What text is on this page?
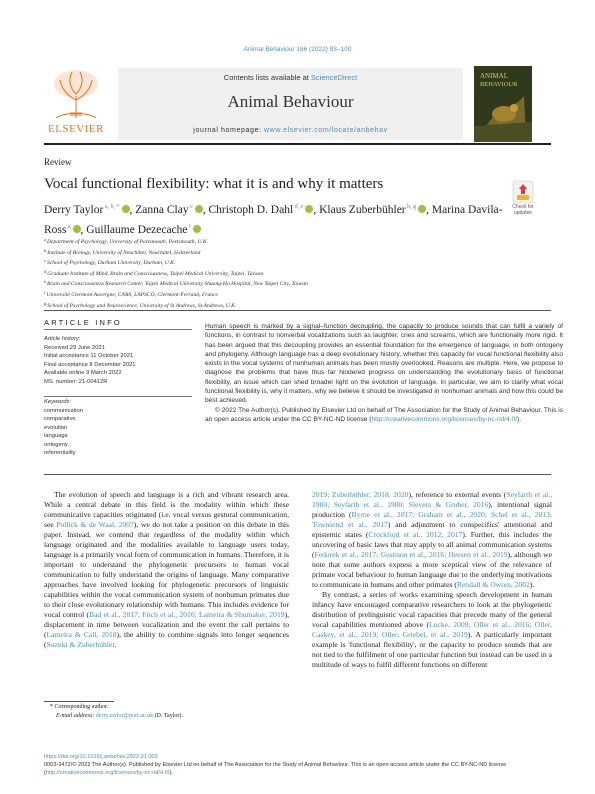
Animal Behaviour 186 (2022) 93–100
ELSEVIER
Contents lists available at ScienceDirect
Animal Behaviour
journal homepage: www.elsevier.com/locate/anbehav
ANIMAL
BEHAVIOUR
Review
Vocal functional flexibility: what it is and why it matters
Check for updates
Derry Taylor $^{a, b, *}$ , Zanna Clay $^c$ , Christoph D. Dahl $^{d, e}$ , Klaus Zuberbühler $^{b, g}$ , Marina Davila-Ross $^a$ , Guillaume Dezecache $^f$
$^a$Department of Psychology, University of Portsmouth, Portsmouth, U.K.
$^b$Institute of Biology, University of Neuchâtel, Neuchâtel, Switzerland
$^c$School of Psychology, Durham University, Durham, U.K.
$^d$Graduate Institute of Mind, Brain and Consciousness, Taipei Medical University, Taipei, Taiwan
$^e$Brain and Consciousness Research Center, Taipei Medical University Shuang-Ho Hospital, New Taipei City, Taiwan
$^f$Université Clermont Auvergne, CNRS, LAPSCO, Clermont-Ferrand, France
$^g$School of Psychology and Neuroscience, University of St Andrews, St Andrews, U.K.
ARTICLE INFO
Article history:
Received 29 June 2021
Initial acceptance 11 October 2021
Final acceptance 8 December 2021
Available online 9 March 2022
MS. number: 21-00412R
Keywords:
communication
comparative
evolution
language
ontogeny
referentiality
Human speech is marked by a signal–function decoupling, the capacity to produce sounds that can fulfil a variety of functions, in contrast to nonverbal vocalizations such as laughter, cries and screams, which are functionally more rigid. It has been argued that this decoupling provides an essential foundation for the emergence of language, in both ontogeny and phylogeny. Although language has a deep evolutionary history, whether this capacity for vocal functional flexibility also exists in the vocal systems of nonhuman animals has been mostly overlooked. Reasons are multiple. Here, we propose to diagnose the problems that have thus far hindered progress on understanding the evolutionary basis of functional flexibility, an issue which can shed broader light on the evolution of language. In particular, we aim to clarify what vocal functional flexibility is, why it matters, why we believe it should be investigated in nonhuman animals and how this could be best achieved.
© 2022 The Author(s). Published by Elsevier Ltd on behalf of The Association for the Study of Animal Behaviour. This is an open access article under the CC BY-NC-ND license (http://creativecommons.org/licenses/by-nc-nd/4.0/).

The evolution of speech and language is a rich and vibrant research area. While a central debate in this field is the modality within which these communicative capacities originated (i.e. vocal versus gestural communication, see Pollick & de Waal, 2007), we do not take a position on this debate in this paper. Instead, we contend that regardless of the modality within which language originated and the modalities available to language users today, language is a primarily vocal form of communication in humans. Therefore, it is important to understand the phylogenetic precursors to human vocal communication to fully understand the origins of language. Many comparative approaches have involved looking for phylogenetic precursors of linguistic capabilities within the vocal communication system of nonhuman primates due to their close evolutionary relationship with humans. This includes evidence for vocal control (Bad et al., 2017; Fitch et al., 2016; Lameira & Shumaker, 2019), displacement in time between vocalization and the event the call pertains to (Lameira & Call, 2018), the ability to combine signals into longer sequences (Suzuki & Zuberbühler,

2019; Zuberbühler, 2018, 2020), reference to external events (Seyfarth et al., 1980; Seyfarth et al., 1980; Slevers & Gruber, 2016), intentional signal production (Byrne et al., 2017; Graham et al., 2020; Schel et al., 2013; Townsend et al., 2017) and adjustment to conspecifics' attentional and epistemic states (Crockford et al., 2012, 2017). Further, this includes the uncovering of basic laws that may apply to all animal communication systems (Fedurek et al., 2017; Gustison et al., 2016; Heesen et al., 2019), although we note that some authors express a more sceptical view of the relevance of primate vocal behaviour to human language due to the underlying motivations to communicate in humans and other primates (Rendall & Owren, 2002).

By contrast, a series of works examining speech development in human infancy have encouraged comparative researchers to look at the phylogenetic distribution of prelinguistic vocal capacities that precede many of the general vocal capabilities mentioned above (Locke, 2009; Oller et al., 2016; Oller, Caskey, et al., 2019; Oller, Griebel, et al., 2019). A particularly important example is 'functional flexibility', or the capacity to produce sounds that are not tied to the fulfilment of one particular function but instead can be used in a multitude of ways to fulfil different functions on different

* Corresponding author.
E-mail address: derry.taylor@port.ac.uk (D. Taylor).
https://doi.org/10.1016/j.anbehav.2022.01.003
0003-3472/© 2022 The Author(s). Published by Elsevier Ltd on behalf of The Association for the Study of Animal Behaviour. This is an open access article under the CC BY-NC-ND license (http://creativecommons.org/licenses/by-nc-nd/4.0/).
